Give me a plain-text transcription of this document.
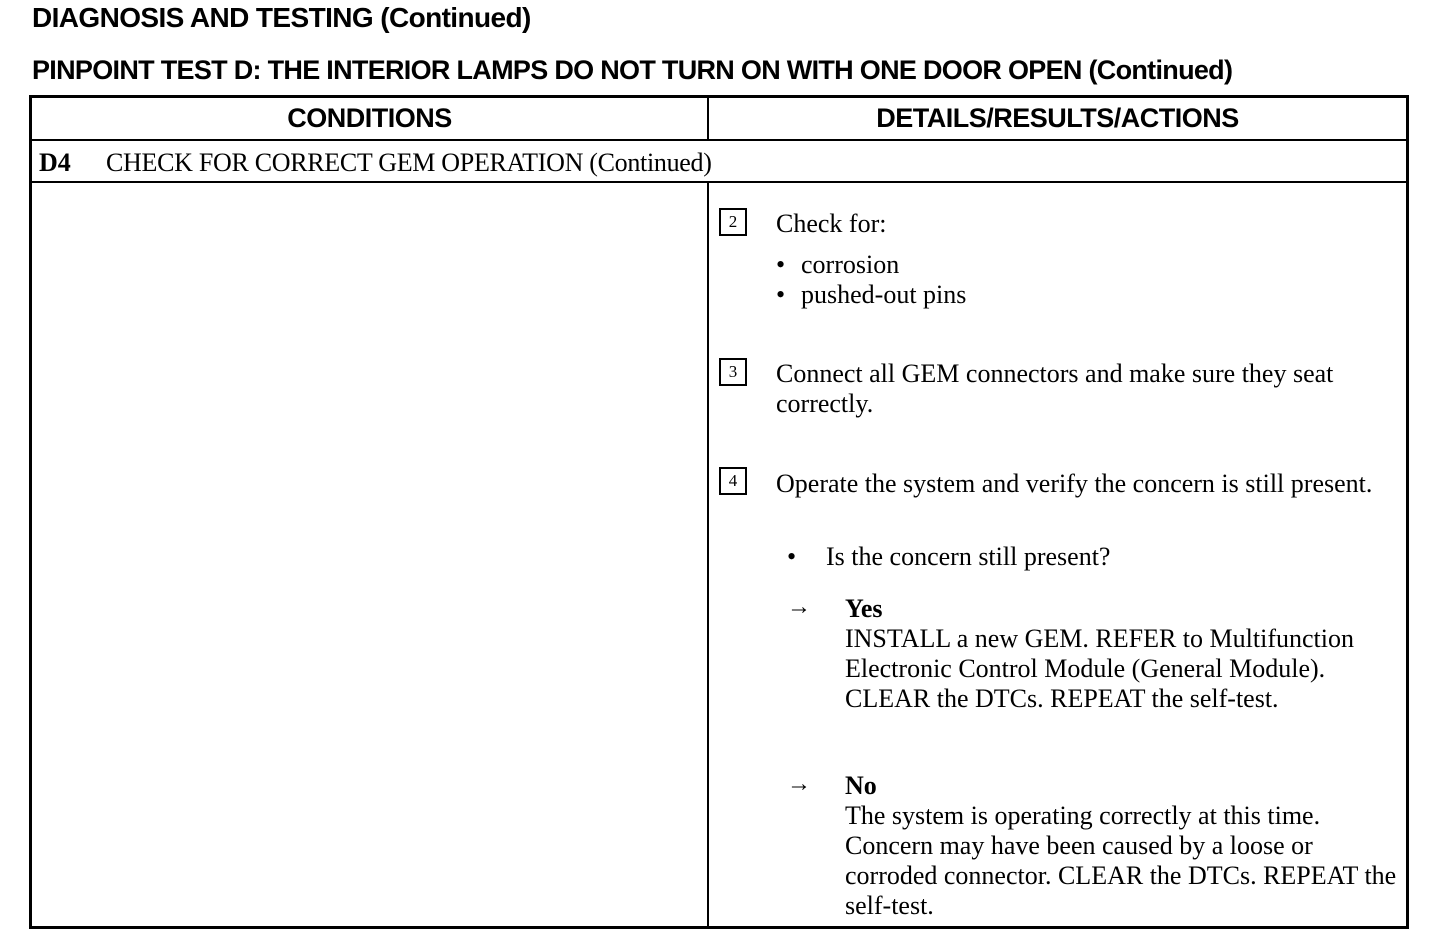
DIAGNOSIS AND TESTING (Continued)
PINPOINT TEST D: THE INTERIOR LAMPS DO NOT TURN ON WITH ONE DOOR OPEN (Continued)
CONDITIONS	DETAILS/RESULTS/ACTIONS
D4 CHECK FOR CORRECT GEM OPERATION (Continued)
2	Check for:
• corrosion
• pushed-out pins
3	Connect all GEM connectors and make sure they seat correctly.
4	Operate the system and verify the concern is still present.
• Is the concern still present?
→ Yes
INSTALL a new GEM. REFER to Multifunction Electronic Control Module (General Module). CLEAR the DTCs. REPEAT the self-test.
→ No
The system is operating correctly at this time. Concern may have been caused by a loose or corroded connector. CLEAR the DTCs. REPEAT the self-test.
